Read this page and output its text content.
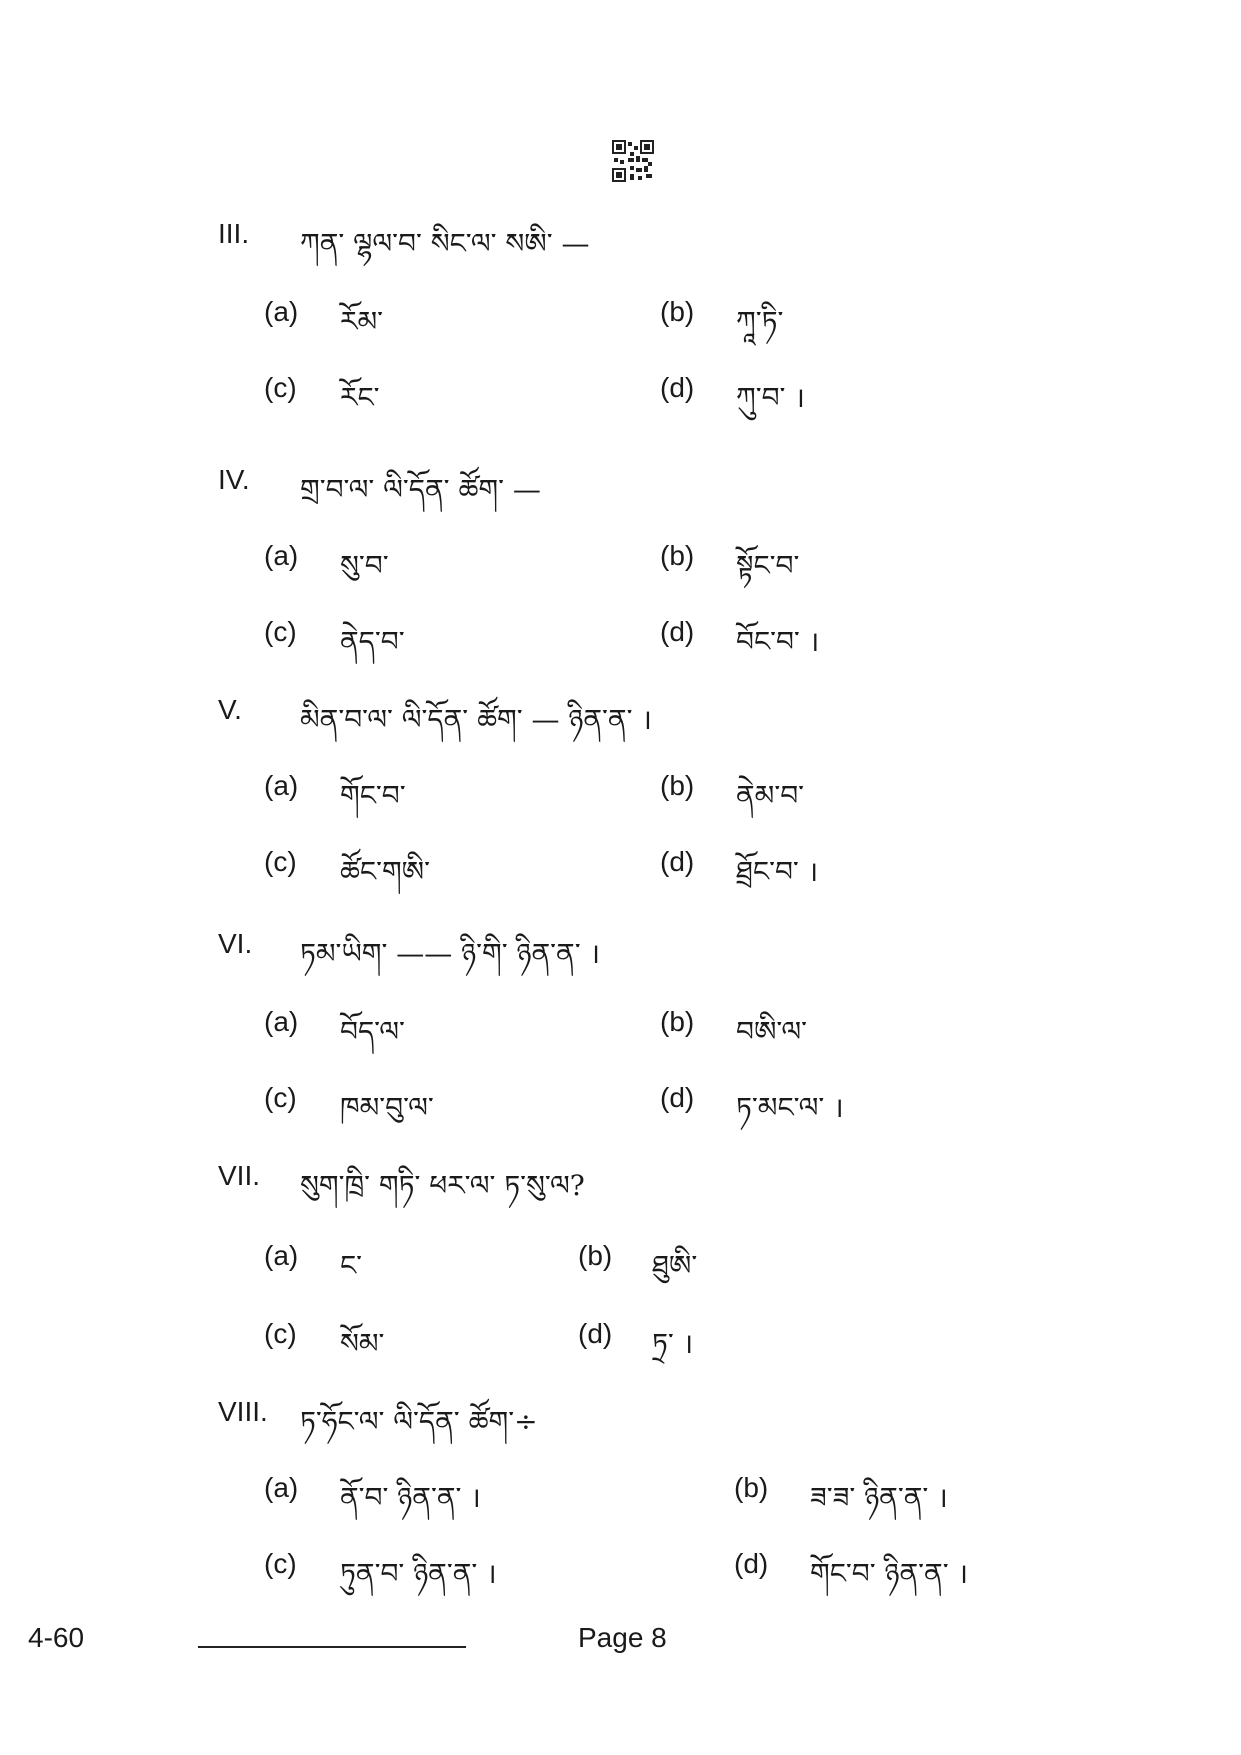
III. ཀན་ ལྷལ་བ་ སིང་ལ་ སཨི་ —
(a) རོམ་	(b) ཀཱ་ཏི་
(c) རོང་	(d) ཀུ་བ་ ।
IV. གྲ་བ་ལ་ ལི་དོན་ ཚོག་ —
(a) སུ་བ་	(b) སྟོང་བ་
(c) ནེད་བ་	(d) བོང་བ་ ।
V. མིན་བ་ལ་ ལི་དོན་ ཚོག་ — ཉིན་ན་ ।
(a) གོང་བ་	(b) ནེམ་བ་
(c) ཚོང་གཨི་	(d) ཐྲོང་བ་ ।
VI. ཏམ་ཡིག་ —— ཉི་གི་ ཉིན་ན་ ।
(a) བོད་ལ་	(b) བཨི་ལ་
(c) ཁམ་བུ་ལ་	(d) ཏ་མང་ལ་ ।
VII. སུག་ཁྲི་ གཏི་ ཕར་ལ་ ཏ་སུ་ལ?
(a) ང་	(b) ཐུཨི་
(c) སོམ་	(d) ཏྲ་ ।
VIII. ཏ་ཧོང་ལ་ ལི་དོན་ ཚོག་÷
(a) ནོ་བ་ ཉིན་ན་ ।	(b) ཟ་ཟ་ ཉིན་ན་ ।
(c) ཏུན་བ་ ཉིན་ན་ ।	(d) གོང་བ་ ཉིན་ན་ ।
4-60	Page 8
